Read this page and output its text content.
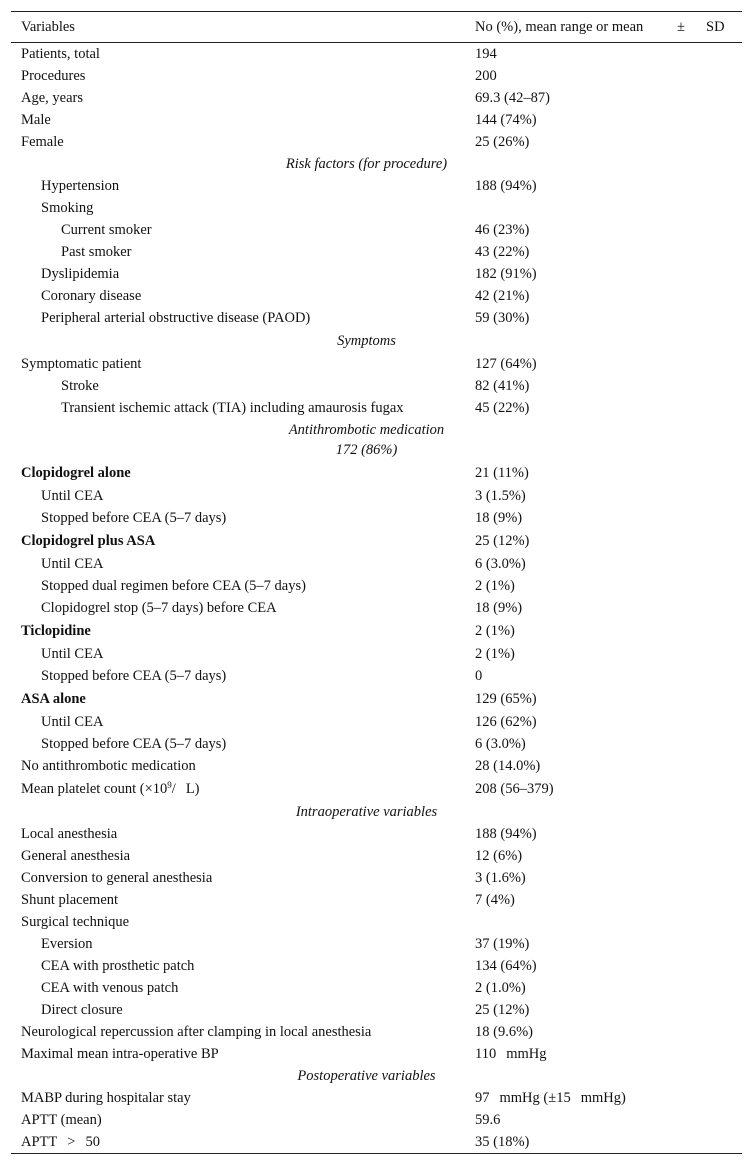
Variables	No (%), mean range or mean ± SD
Patients, total	194
Procedures	200
Age, years	69.3 (42–87)
Male	144 (74%)
Female	25 (26%)
Risk factors (for procedure)
Hypertension	188 (94%)
Smoking
Current smoker	46 (23%)
Past smoker	43 (22%)
Dyslipidemia	182 (91%)
Coronary disease	42 (21%)
Peripheral arterial obstructive disease (PAOD)	59 (30%)
Symptoms
Symptomatic patient	127 (64%)
Stroke	82 (41%)
Transient ischemic attack (TIA) including amaurosis fugax	45 (22%)
Antithrombotic medication
172 (86%)
Clopidogrel alone	21 (11%)
Until CEA	3 (1.5%)
Stopped before CEA (5–7 days)	18 (9%)
Clopidogrel plus ASA	25 (12%)
Until CEA	6 (3.0%)
Stopped dual regimen before CEA (5–7 days)	2 (1%)
Clopidogrel stop (5–7 days) before CEA	18 (9%)
Ticlopidine	2 (1%)
Until CEA	2 (1%)
Stopped before CEA (5–7 days)	0
ASA alone	129 (65%)
Until CEA	126 (62%)
Stopped before CEA (5–7 days)	6 (3.0%)
No antithrombotic medication	28 (14.0%)
Mean platelet count ($\times 10^9/$ L)	208 (56–379)
Intraoperative variables
Local anesthesia	188 (94%)
General anesthesia	12 (6%)
Conversion to general anesthesia	3 (1.6%)
Shunt placement	7 (4%)
Surgical technique
Eversion	37 (19%)
CEA with prosthetic patch	134 (64%)
CEA with venous patch	2 (1.0%)
Direct closure	25 (12%)
Neurological repercussion after clamping in local anesthesia	18 (9.6%)
Maximal mean intra-operative BP	110 mmHg
Postoperative variables
MABP during hospitalar stay	97 mmHg (±15 mmHg)
APTT (mean)	59.6
APTT > 50	35 (18%)
